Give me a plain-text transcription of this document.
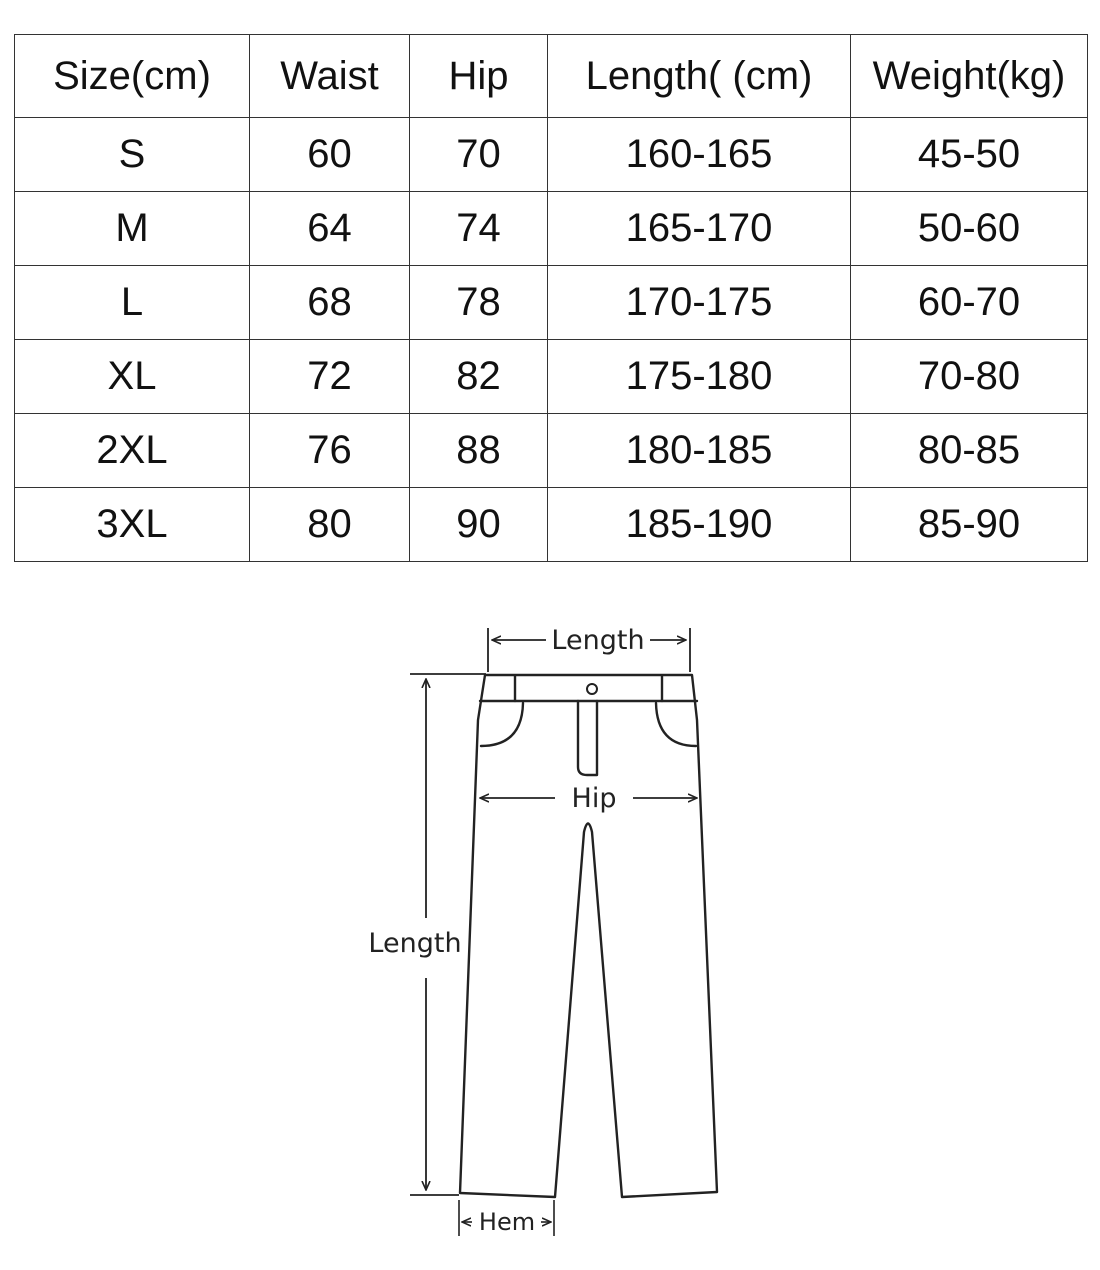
Size(cm)	Waist	Hip	Length( (cm)	Weight(kg)
S	60	70	160-165	45-50
M	64	74	165-170	50-60
L	68	78	170-175	60-70
XL	72	82	175-180	70-80
2XL	76	88	180-185	80-85
3XL	80	90	185-190	85-90
Length
Hip
Length
Hem
